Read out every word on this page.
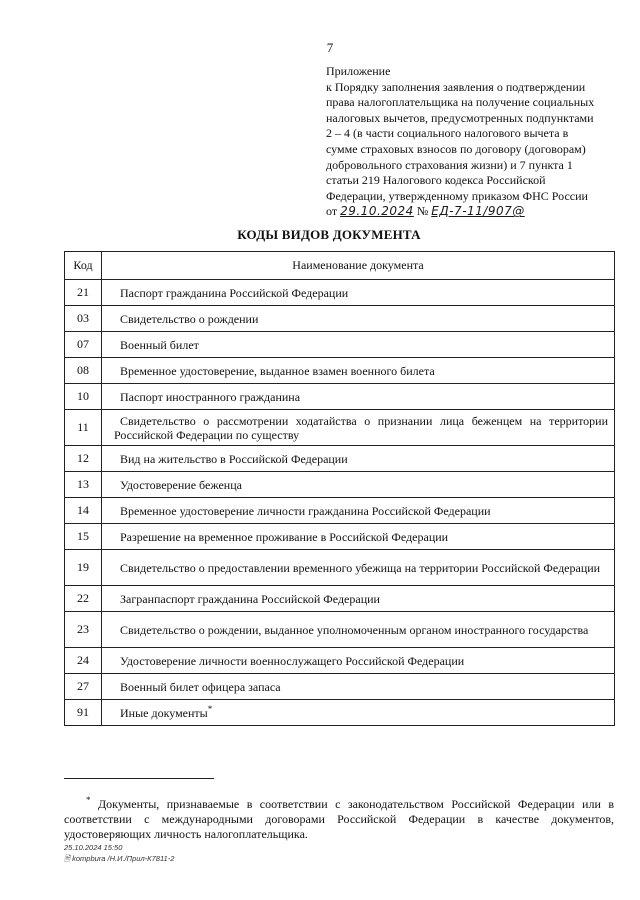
7
Приложение
к Порядку заполнения заявления о подтверждении
права налогоплательщика на получение социальных
налоговых вычетов, предусмотренных подпунктами
2 – 4 (в части социального налогового вычета в
сумме страховых взносов по договору (договорам)
добровольного страхования жизни) и 7 пункта 1
статьи 219 Налогового кодекса Российской
Федерации, утвержденному приказом ФНС России
от 29.10.2024 № ЕД-7-11/907@
КОДЫ ВИДОВ ДОКУМЕНТА
Код	Наименование документа
21	Паспорт гражданина Российской Федерации
03	Свидетельство о рождении
07	Военный билет
08	Временное удостоверение, выданное взамен военного билета
10	Паспорт иностранного гражданина
11	Свидетельство о рассмотрении ходатайства о признании лица беженцем на территории Российской Федерации по существу
12	Вид на жительство в Российской Федерации
13	Удостоверение беженца
14	Временное удостоверение личности гражданина Российской Федерации
15	Разрешение на временное проживание в Российской Федерации
19	Свидетельство о предоставлении временного убежища на территории Российской Федерации
22	Загранпаспорт гражданина Российской Федерации
23	Свидетельство о рождении, выданное уполномоченным органом иностранного государства
24	Удостоверение личности военнослужащего Российской Федерации
27	Военный билет офицера запаса
91	Иные документы*
* Документы, признаваемые в соответствии с законодательством Российской Федерации или в соответствии с международными договорами Российской Федерации в качестве документов, удостоверяющих личность налогоплательщика.
25.10.2024 15:50
🗎 kompbura /Н.И./Прил-К7811-2
